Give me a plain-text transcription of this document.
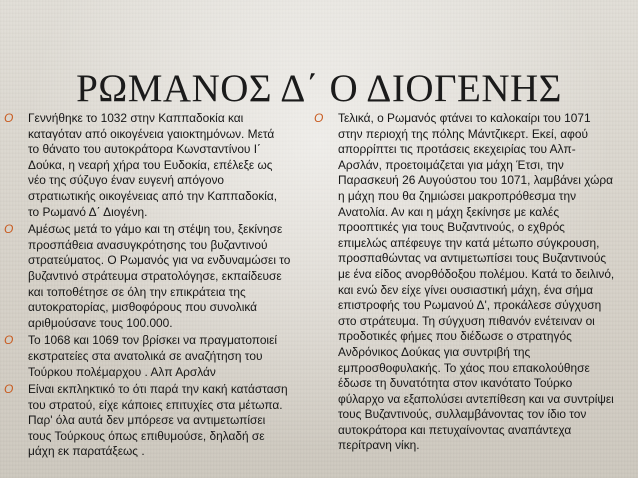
ΡΩΜΑΝΟΣ Δ΄ Ο ΔΙΟΓΕΝΗΣ
O Γεννήθηκε το 1032 στην Καππαδοκία και
καταγόταν από οικογένεια γαιοκτημόνων. Μετά
το θάνατο του αυτοκράτορα Κωνσταντίνου Ι΄
Δούκα, η νεαρή χήρα του Ευδοκία, επέλεξε ως
νέο της σύζυγο έναν ευγενή απόγονο
στρατιωτικής οικογένειας από την Καππαδοκία,
το Ρωμανό Δ΄ Διογένη.
O Αμέσως μετά το γάμο και τη στέψη του, ξεκίνησε
προσπάθεια ανασυγκρότησης του βυζαντινού
στρατεύματος. Ο Ρωμανός για να ενδυναμώσει το
βυζαντινό στράτευμα στρατολόγησε, εκπαίδευσε
και τοποθέτησε σε όλη την επικράτεια της
αυτοκρατορίας, μισθοφόρους που συνολικά
αριθμούσανε τους 100.000.
O Το 1068 και 1069 τον βρίσκει να πραγματοποιεί
εκστρατείες στα ανατολικά σε αναζήτηση του
Τούρκου πολέμαρχου . Αλπ Αρσλάν
O Είναι εκπληκτικό το ότι παρά την κακή κατάσταση
του στρατού, είχε κάποιες επιτυχίες στα μέτωπα.
Παρ' όλα αυτά δεν μπόρεσε να αντιμετωπίσει
τους Τούρκους όπως επιθυμούσε, δηλαδή σε
μάχη εκ παρατάξεως .
O Τελικά, ο Ρωμανός φτάνει το καλοκαίρι του 1071
στην περιοχή της πόλης Μάντζικερτ. Εκεί, αφού
απορρίπτει τις προτάσεις εκεχειρίας του Αλπ-
Αρσλάν, προετοιμάζεται για μάχη Έτσι, την
Παρασκευή 26 Αυγούστου του 1071, λαμβάνει χώρα
η μάχη που θα ζημιώσει μακροπρόθεσμα την
Ανατολία. Αν και η μάχη ξεκίνησε με καλές
προοπτικές για τους Βυζαντινούς, ο εχθρός
επιμελώς απέφευγε την κατά μέτωπο σύγκρουση,
προσπαθώντας να αντιμετωπίσει τους Βυζαντινούς
με ένα είδος ανορθόδοξου πολέμου. Κατά το δειλινό,
και ενώ δεν είχε γίνει ουσιαστική μάχη, ένα σήμα
επιστροφής του Ρωμανού Δ', προκάλεσε σύγχυση
στο στράτευμα. Τη σύγχυση πιθανόν ενέτειναν οι
προδοτικές φήμες που διέδωσε ο στρατηγός
Ανδρόνικος Δούκας για συντριβή της
εμπροσθοφυλακής. Το χάος που επακολούθησε
έδωσε τη δυνατότητα στον ικανότατο Τούρκο
φύλαρχο να εξαπολύσει αντεπίθεση και να συντρίψει
τους Βυζαντινούς, συλλαμβάνοντας τον ίδιο τον
αυτοκράτορα και πετυχαίνοντας αναπάντεχα
περίτρανη νίκη.
